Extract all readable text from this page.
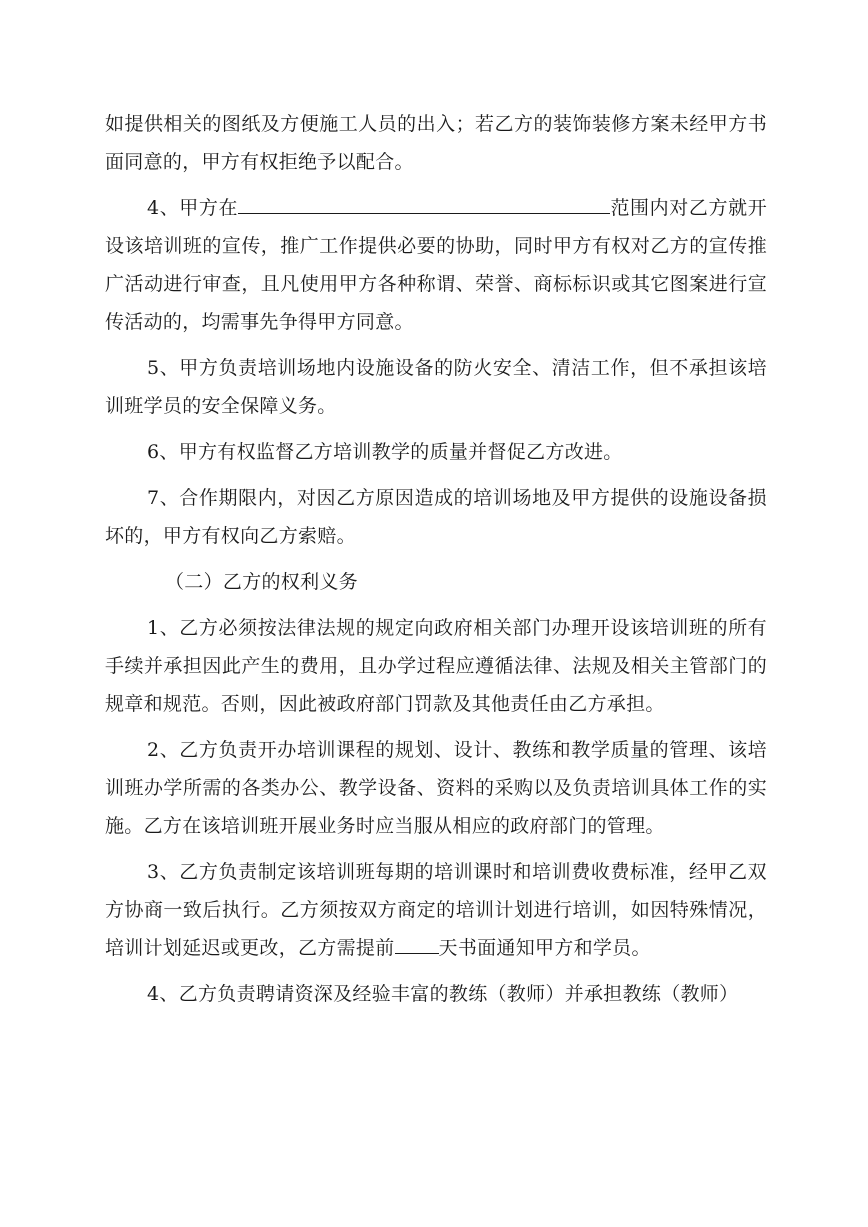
如提供相关的图纸及方便施工人员的出入；若乙方的装饰装修方案未经甲方书面同意的，甲方有权拒绝予以配合。

4、甲方在	范围内对乙方就开设该培训班的宣传，推广工作提供必要的协助，同时甲方有权对乙方的宣传推广活动进行审查，且凡使用甲方各种称谓、荣誉、商标标识或其它图案进行宣传活动的，均需事先争得甲方同意。

5、甲方负责培训场地内设施设备的防火安全、清洁工作，但不承担该培训班学员的安全保障义务。

6、甲方有权监督乙方培训教学的质量并督促乙方改进。

7、合作期限内，对因乙方原因造成的培训场地及甲方提供的设施设备损坏的，甲方有权向乙方索赔。

（二）乙方的权利义务

1、乙方必须按法律法规的规定向政府相关部门办理开设该培训班的所有手续并承担因此产生的费用，且办学过程应遵循法律、法规及相关主管部门的规章和规范。否则，因此被政府部门罚款及其他责任由乙方承担。

2、乙方负责开办培训课程的规划、设计、教练和教学质量的管理、该培训班办学所需的各类办公、教学设备、资料的采购以及负责培训具体工作的实施。乙方在该培训班开展业务时应当服从相应的政府部门的管理。

3、乙方负责制定该培训班每期的培训课时和培训费收费标准，经甲乙双方协商一致后执行。乙方须按双方商定的培训计划进行培训，如因特殊情况，培训计划延迟或更改，乙方需提前 天书面通知甲方和学员。

4、乙方负责聘请资深及经验丰富的教练（教师）并承担教练（教师）
